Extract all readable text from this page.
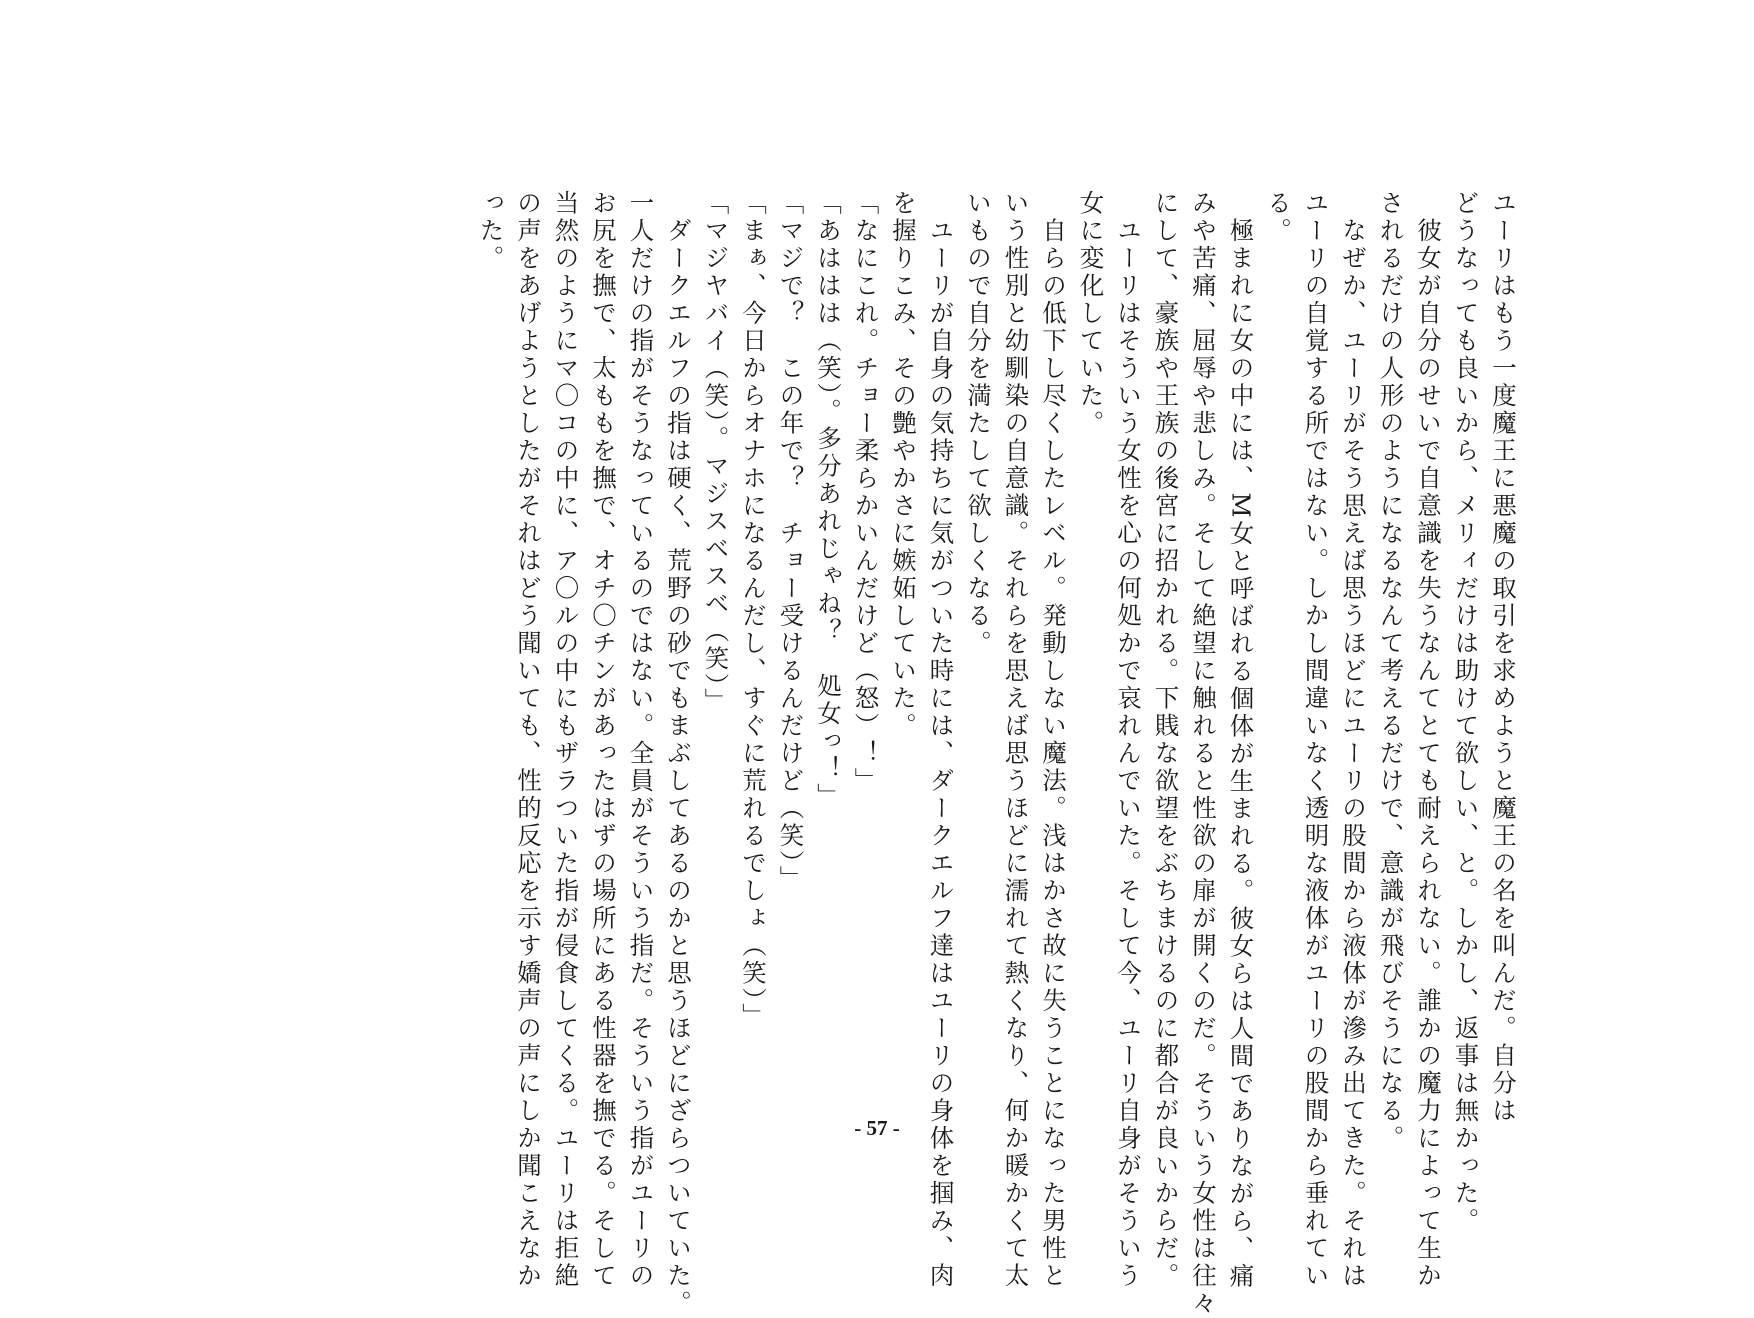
ユーリはもう一度魔王に悪魔の取引を求めようと魔王の名を叫んだ。自分は
どうなっても良いから、メリィだけは助けて欲しい、と。しかし、返事は無かった。
　彼女が自分のせいで自意識を失うなんてとても耐えられない。誰かの魔力によって生か
されるだけの人形のようになるなんて考えるだけで、意識が飛びそうになる。
　なぜか、ユーリがそう思えば思うほどにユーリの股間から液体が滲み出てきた。それは
ユーリの自覚する所ではない。しかし間違いなく透明な液体がユーリの股間から垂れてい
る。
　極まれに女の中には、M女と呼ばれる個体が生まれる。彼女らは人間でありながら、痛
みや苦痛、屈辱や悲しみ。そして絶望に触れると性欲の扉が開くのだ。そういう女性は往々
にして、豪族や王族の後宮に招かれる。下賎な欲望をぶちまけるのに都合が良いからだ。
　ユーリはそういう女性を心の何処かで哀れんでいた。そして今、ユーリ自身がそういう
女に変化していた。
　自らの低下し尽くしたレベル。発動しない魔法。浅はかさ故に失うことになった男性と
いう性別と幼馴染の自意識。それらを思えば思うほどに濡れて熱くなり、何か暖かくて太
いもので自分を満たして欲しくなる。
　ユーリが自身の気持ちに気がついた時には、ダークエルフ達はユーリの身体を掴み、肉
を握りこみ、その艶やかさに嫉妬していた。
「なにこれ。チョー柔らかいんだけど（怒）！」
「あははは（笑）。多分あれじゃね？　処女っ！」
「マジで？　この年で？　チョー受けるんだけど（笑）」
「まぁ、今日からオナホになるんだし、すぐに荒れるでしょ（笑）」
「マジヤバイ（笑）。マジスベスベ（笑）」
　ダークエルフの指は硬く、荒野の砂でもまぶしてあるのかと思うほどにざらついていた。
一人だけの指がそうなっているのではない。全員がそういう指だ。そういう指がユーリの
お尻を撫で、太ももを撫で、オチ〇チンがあったはずの場所にある性器を撫でる。そして
当然のようにマ〇コの中に、ア〇ルの中にもザラついた指が侵食してくる。ユーリは拒絶
の声をあげようとしたがそれはどう聞いても、性的反応を示す嬌声の声にしか聞こえなか
った。
- 57 -
